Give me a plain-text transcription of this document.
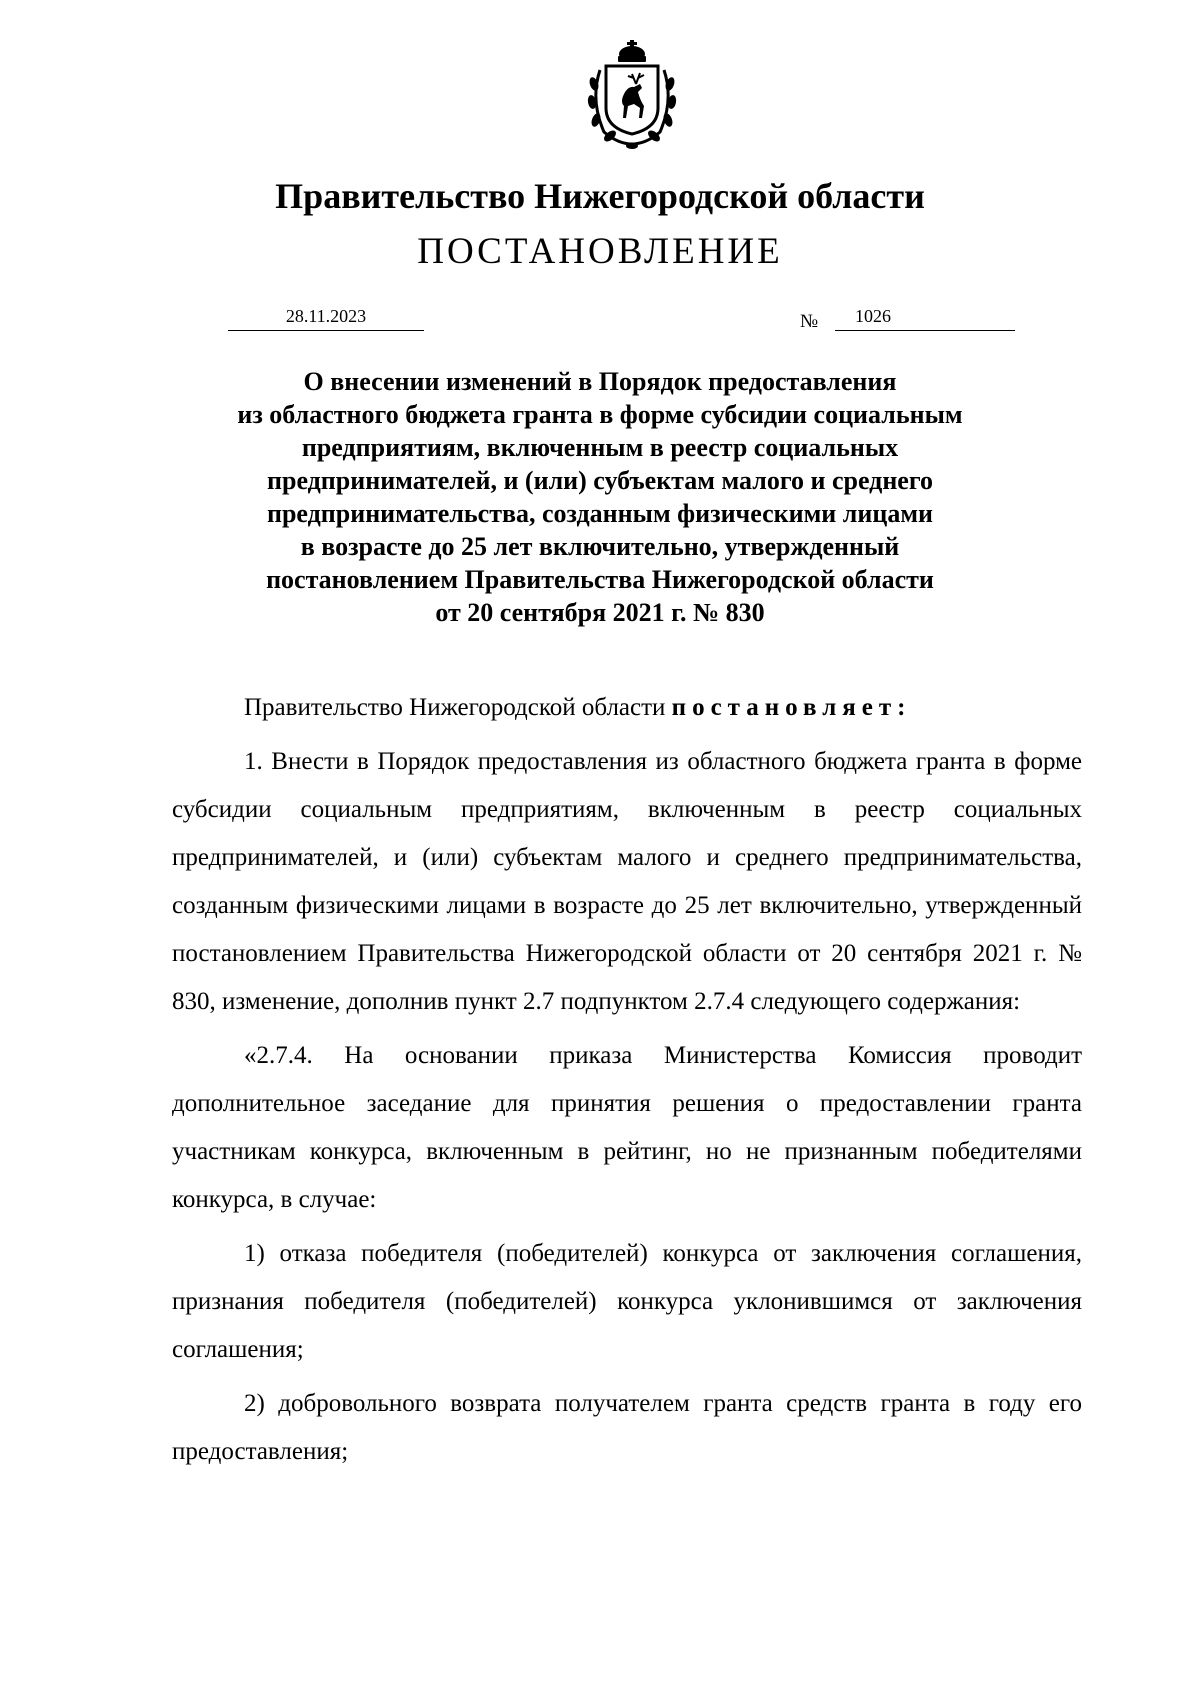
Правительство Нижегородской области
ПОСТАНОВЛЕНИЕ
28.11.2023	№	1026
О внесении изменений в Порядок предоставления
из областного бюджета гранта в форме субсидии социальным
предприятиям, включенным в реестр социальных
предпринимателей, и (или) субъектам малого и среднего
предпринимательства, созданным физическими лицами
в возрасте до 25 лет включительно, утвержденный
постановлением Правительства Нижегородской области
от 20 сентября 2021 г. № 830

Правительство Нижегородской области постановляет:

1. Внести в Порядок предоставления из областного бюджета гранта в форме субсидии социальным предприятиям, включенным в реестр социальных предпринимателей, и (или) субъектам малого и среднего предпринимательства, созданным физическими лицами в возрасте до 25 лет включительно, утвержденный постановлением Правительства Нижегородской области от 20 сентября 2021 г. № 830, изменение, дополнив пункт 2.7 подпунктом 2.7.4 следующего содержания:

«2.7.4. На основании приказа Министерства Комиссия проводит дополнительное заседание для принятия решения о предоставлении гранта участникам конкурса, включенным в рейтинг, но не признанным победителями конкурса, в случае:

1) отказа победителя (победителей) конкурса от заключения соглашения, признания победителя (победителей) конкурса уклонившимся от заключения соглашения;

2) добровольного возврата получателем гранта средств гранта в году его предоставления;
